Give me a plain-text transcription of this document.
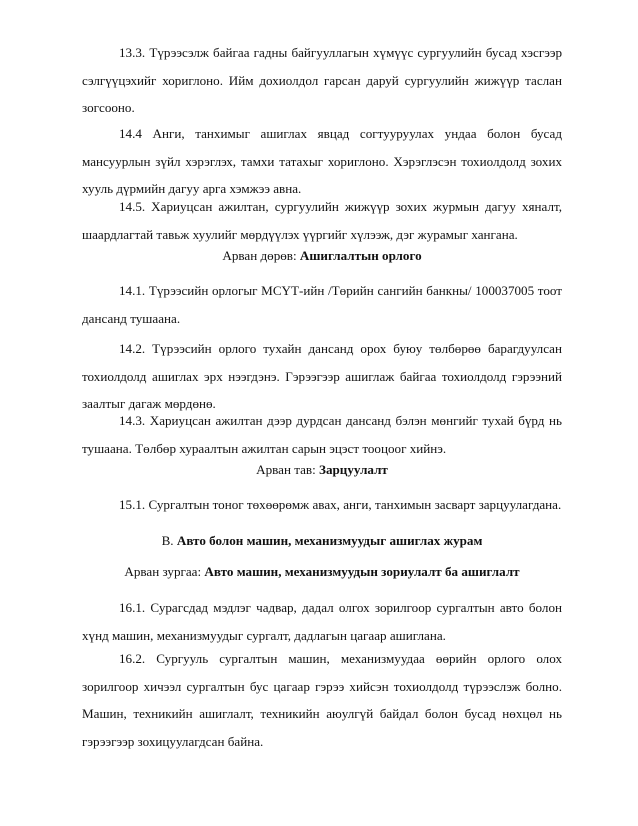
13.3. Түрээсэлж байгаа гадны байгууллагын хүмүүс сургуулийн бусад хэсгээр сэлгүүцэхийг хориглоно. Ийм дохиолдол гарсан даруй сургуулийн жижүүр таслан зогсооно.

14.4 Анги, танхимыг ашиглах явцад согтууруулах ундаа болон бусад мансуурлын зүйл хэрэглэх, тамхи татахыг хориглоно. Хэрэглэсэн тохиолдолд зохих хууль дүрмийн дагуу арга хэмжээ авна.

14.5. Хариуцсан ажилтан, сургуулийн жижүүр зохих журмын дагуу хяналт, шаардлагтай тавьж хуулийг мөрдүүлэх үүргийг хүлээж, дэг журамыг хангана.

Арван дөрөв: Ашиглалтын орлого

14.1. Түрээсийн орлогыг МСҮТ-ийн /Төрийн сангийн банкны/ 100037005 тоот дансанд тушаана.

14.2. Түрээсийн орлого тухайн дансанд орох буюу төлбөрөө барагдуулсан тохиолдолд ашиглах эрх нээгдэнэ. Гэрээгээр ашиглаж байгаа тохиолдолд гэрээний заалтыг дагаж мөрдөнө.

14.3. Хариуцсан ажилтан дээр дурдсан дансанд бэлэн мөнгийг тухай бүрд нь тушаана. Төлбөр хураалтын ажилтан сарын эцэст тооцоог хийнэ.

Арван тав: Зарцуулалт

15.1. Сургалтын тоног төхөөрөмж авах, анги, танхимын засварт зарцуулагдана.

В. Авто болон машин, механизмуудыг ашиглах журам

Арван зургаа: Авто машин, механизмуудын зориулалт ба ашиглалт

16.1. Сурагсдад мэдлэг чадвар, дадал олгох зорилгоор сургалтын авто болон хүнд машин, механизмуудыг сургалт, дадлагын цагаар ашиглана.

16.2. Сургууль сургалтын машин, механизмуудаа өөрийн орлого олох зорилгоор хичээл сургалтын бус цагаар гэрээ хийсэн тохиолдолд түрээслэж болно. Машин, техникийн ашиглалт, техникийн аюулгүй байдал болон бусад нөхцөл нь гэрээгээр зохицуулагдсан байна.
